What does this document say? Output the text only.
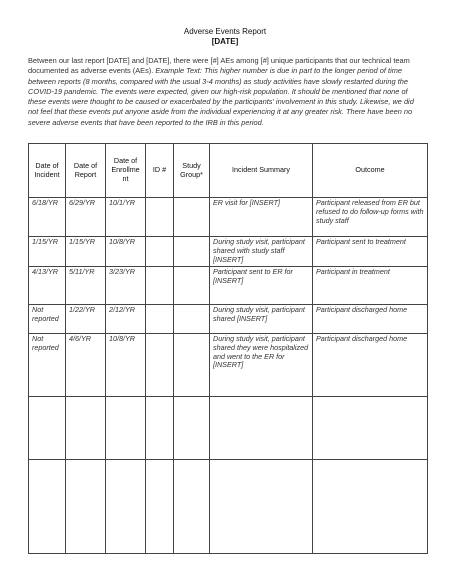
Adverse Events Report
[DATE]

Between our last report [DATE] and [DATE], there were [#] AEs among [#] unique participants that our technical team documented as adverse events (AEs). Example Text: This higher number is due in part to the longer period of time between reports (8 months, compared with the usual 3-4 months) as study activities have slowly restarted during the COVID-19 pandemic. The events were expected, given our high-risk population. It should be mentioned that none of these events were thought to be caused or exacerbated by the participants' involvement in this study. Likewise, we did not feel that these events put anyone aside from the individual experiencing it at any greater risk. There have been no severe adverse events that have been reported to the IRB in this period.

Date of Incident	Date of Report	Date of Enrollme nt	ID #	Study Group*	Incident Summary	Outcome
6/18/YR	6/29/YR	10/1/YR			ER visit for [INSERT]	Participant released from ER but refused to do follow-up forms with study staff
1/15/YR	1/15/YR	10/8/YR			During study visit, participant shared with study staff [INSERT]	Participant sent to treatment
4/13/YR	5/11/YR	3/23/YR			Participant sent to ER for [INSERT]	Participant in treatment
Not reported	1/22/YR	2/12/YR			During study visit, participant shared [INSERT]	Participant discharged home
Not reported	4/6/YR	10/8/YR			During study visit, participant shared they were hospitalized and went to the ER for [INSERT]	Participant discharged home
